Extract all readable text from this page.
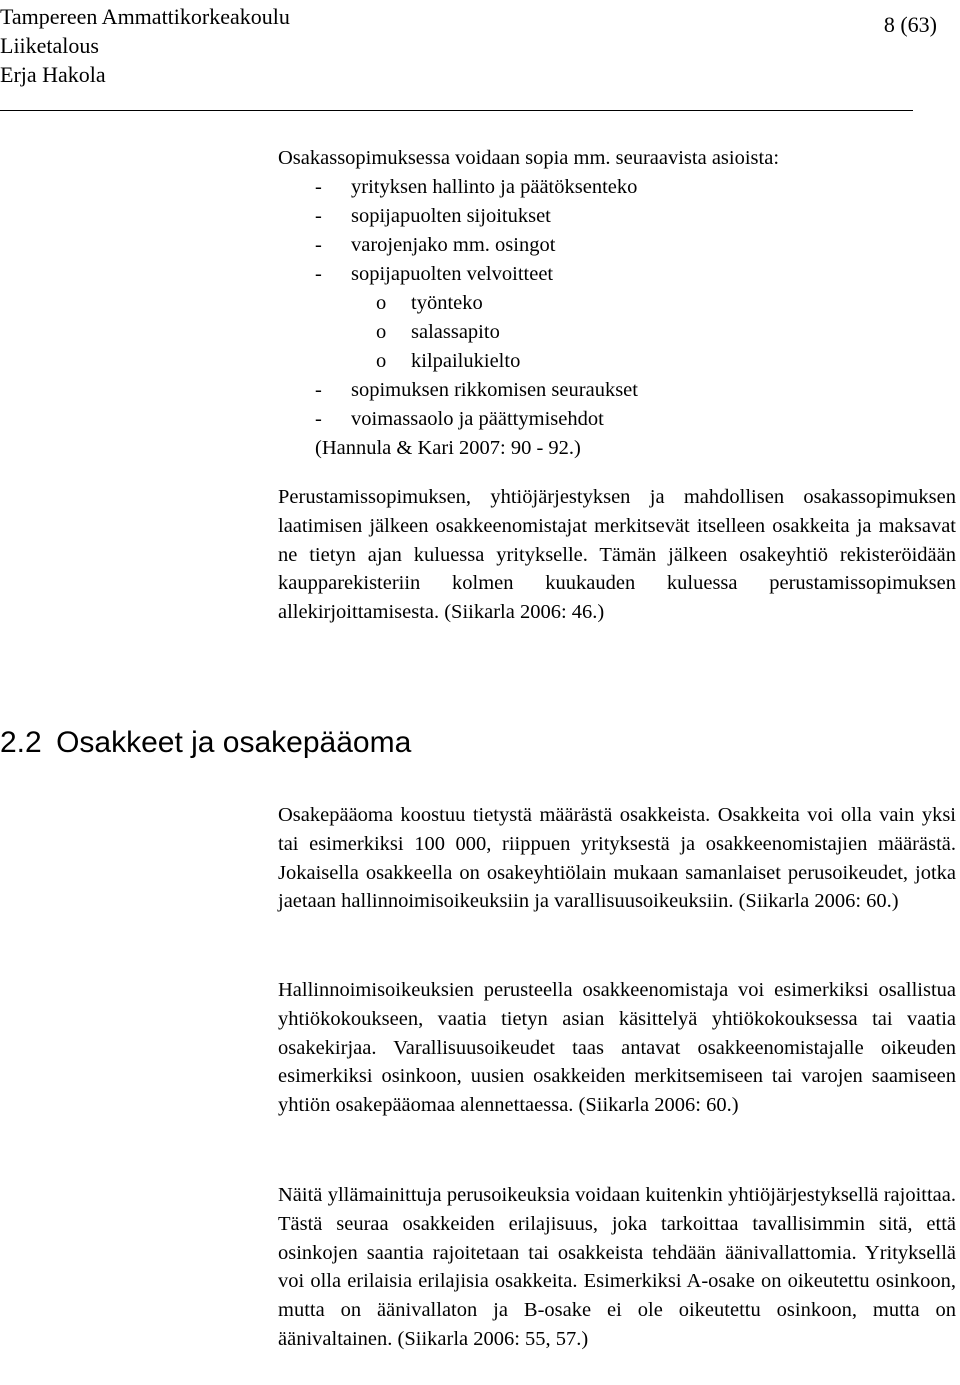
Tampereen Ammattikorkeakoulu
Liiketalous
Erja Hakola
8 (63)
Osakassopimuksessa voidaan sopia mm. seuraavista asioista:
- yrityksen hallinto ja päätöksenteko
- sopijapuolten sijoitukset
- varojenjako mm. osingot
- sopijapuolten velvoitteet
o työnteko
o salassapito
o kilpailukielto
- sopimuksen rikkomisen seuraukset
- voimassaolo ja päättymisehdot
(Hannula & Kari 2007: 90 - 92.)
Perustamissopimuksen, yhtiöjärjestyksen ja mahdollisen osakassopimuksen laatimisen jälkeen osakkeenomistajat merkitsevät itselleen osakkeita ja maksavat ne tietyn ajan kuluessa yritykselle. Tämän jälkeen osakeyhtiö rekisteröidään kaupparekisteriin kolmen kuukauden kuluessa perustamissopimuksen allekirjoittamisesta. (Siikarla 2006: 46.)
2.2 Osakkeet ja osakepääoma
Osakepääoma koostuu tietystä määrästä osakkeista. Osakkeita voi olla vain yksi tai esimerkiksi 100 000, riippuen yrityksestä ja osakkeenomistajien määrästä. Jokaisella osakkeella on osakeyhtiölain mukaan samanlaiset perusoikeudet, jotka jaetaan hallinnoimisoikeuksiin ja varallisuusoikeuksiin. (Siikarla 2006: 60.)
Hallinnoimisoikeuksien perusteella osakkeenomistaja voi esimerkiksi osallistua yhtiökokoukseen, vaatia tietyn asian käsittelyä yhtiökokouksessa tai vaatia osakekirjaa. Varallisuusoikeudet taas antavat osakkeenomistajalle oikeuden esimerkiksi osinkoon, uusien osakkeiden merkitsemiseen tai varojen saamiseen yhtiön osakepääomaa alennettaessa. (Siikarla 2006: 60.)
Näitä yllämainittuja perusoikeuksia voidaan kuitenkin yhtiöjärjestyksellä rajoittaa. Tästä seuraa osakkeiden erilajisuus, joka tarkoittaa tavallisimmin sitä, että osinkojen saantia rajoitetaan tai osakkeista tehdään äänivallattomia. Yrityksellä voi olla erilaisia erilajisia osakkeita. Esimerkiksi A-osake on oikeutettu osinkoon, mutta on äänivallaton ja B-osake ei ole oikeutettu osinkoon, mutta on äänivaltainen. (Siikarla 2006: 55, 57.)
